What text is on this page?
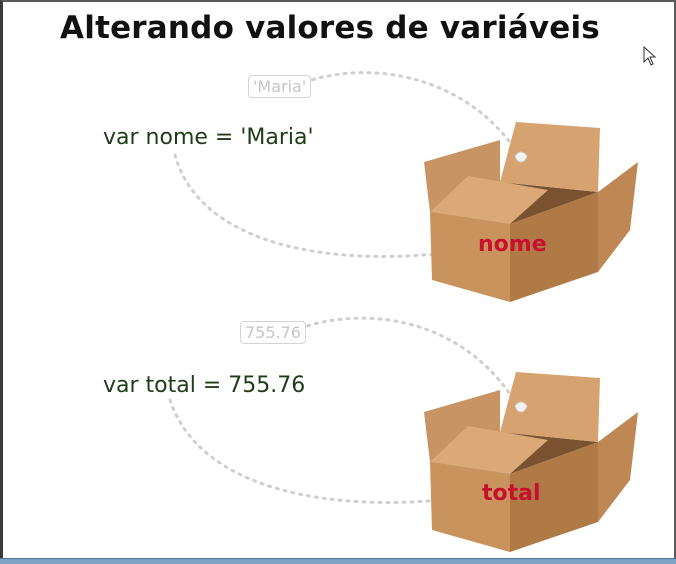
Alterando valores de variáveis
'Maria'
755.76
var nome = 'Maria'
var total = 755.76
nome
total
